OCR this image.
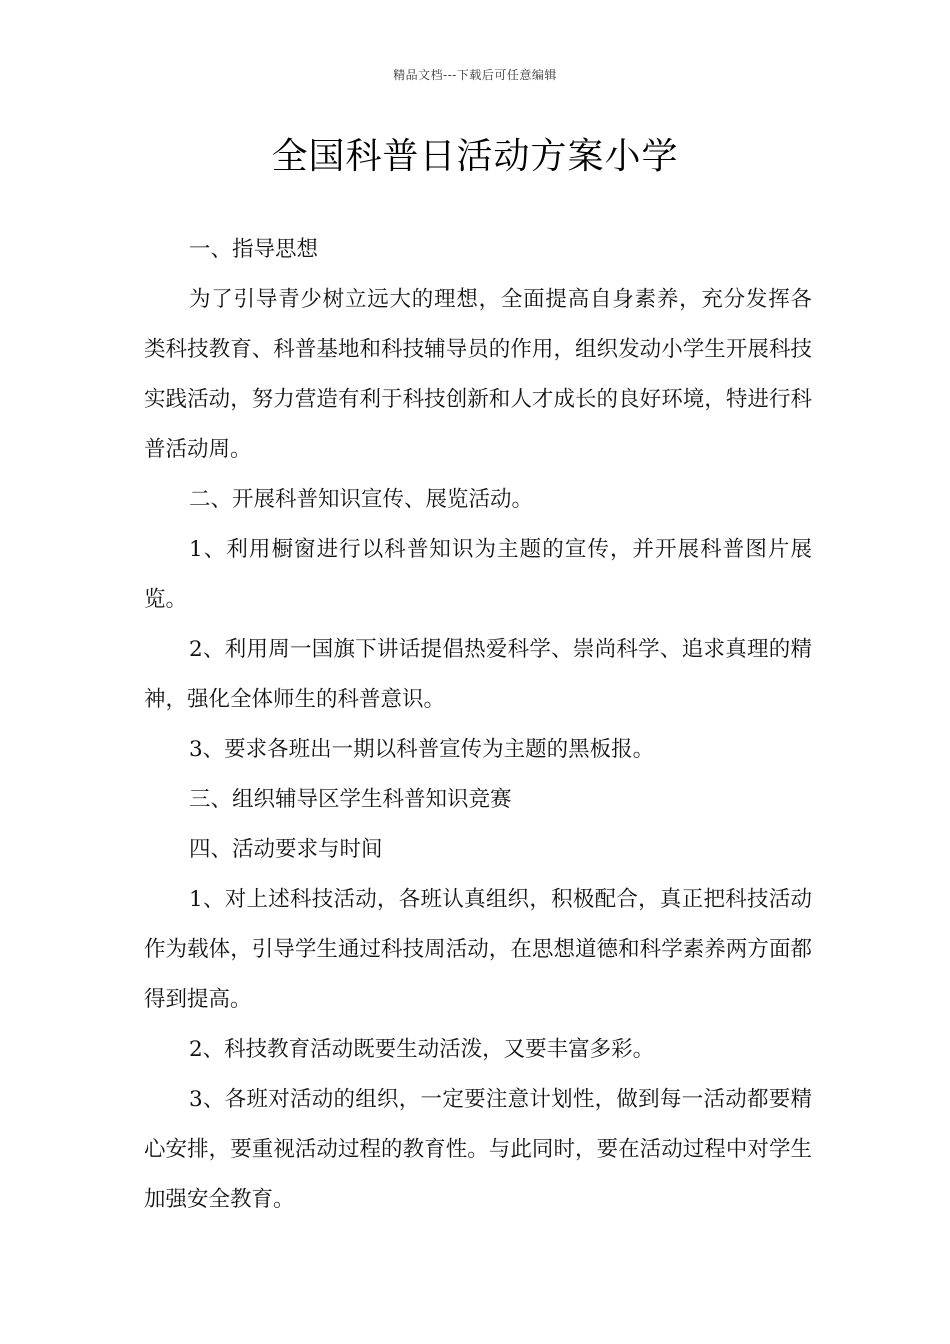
精品文档---下载后可任意编辑
全国科普日活动方案小学

一、指导思想

为了引导青少树立远大的理想，全面提高自身素养，充分发挥各类科技教育、科普基地和科技辅导员的作用，组织发动小学生开展科技实践活动，努力营造有利于科技创新和人才成长的良好环境，特进行科普活动周。

二、开展科普知识宣传、展览活动。

1、利用橱窗进行以科普知识为主题的宣传，并开展科普图片展览。

2、利用周一国旗下讲话提倡热爱科学、崇尚科学、追求真理的精神，强化全体师生的科普意识。

3、要求各班出一期以科普宣传为主题的黑板报。

三、组织辅导区学生科普知识竞赛

四、活动要求与时间

1、对上述科技活动，各班认真组织，积极配合，真正把科技活动作为载体，引导学生通过科技周活动，在思想道德和科学素养两方面都得到提高。

2、科技教育活动既要生动活泼，又要丰富多彩。

3、各班对活动的组织，一定要注意计划性，做到每一活动都要精心安排，要重视活动过程的教育性。与此同时，要在活动过程中对学生加强安全教育。
